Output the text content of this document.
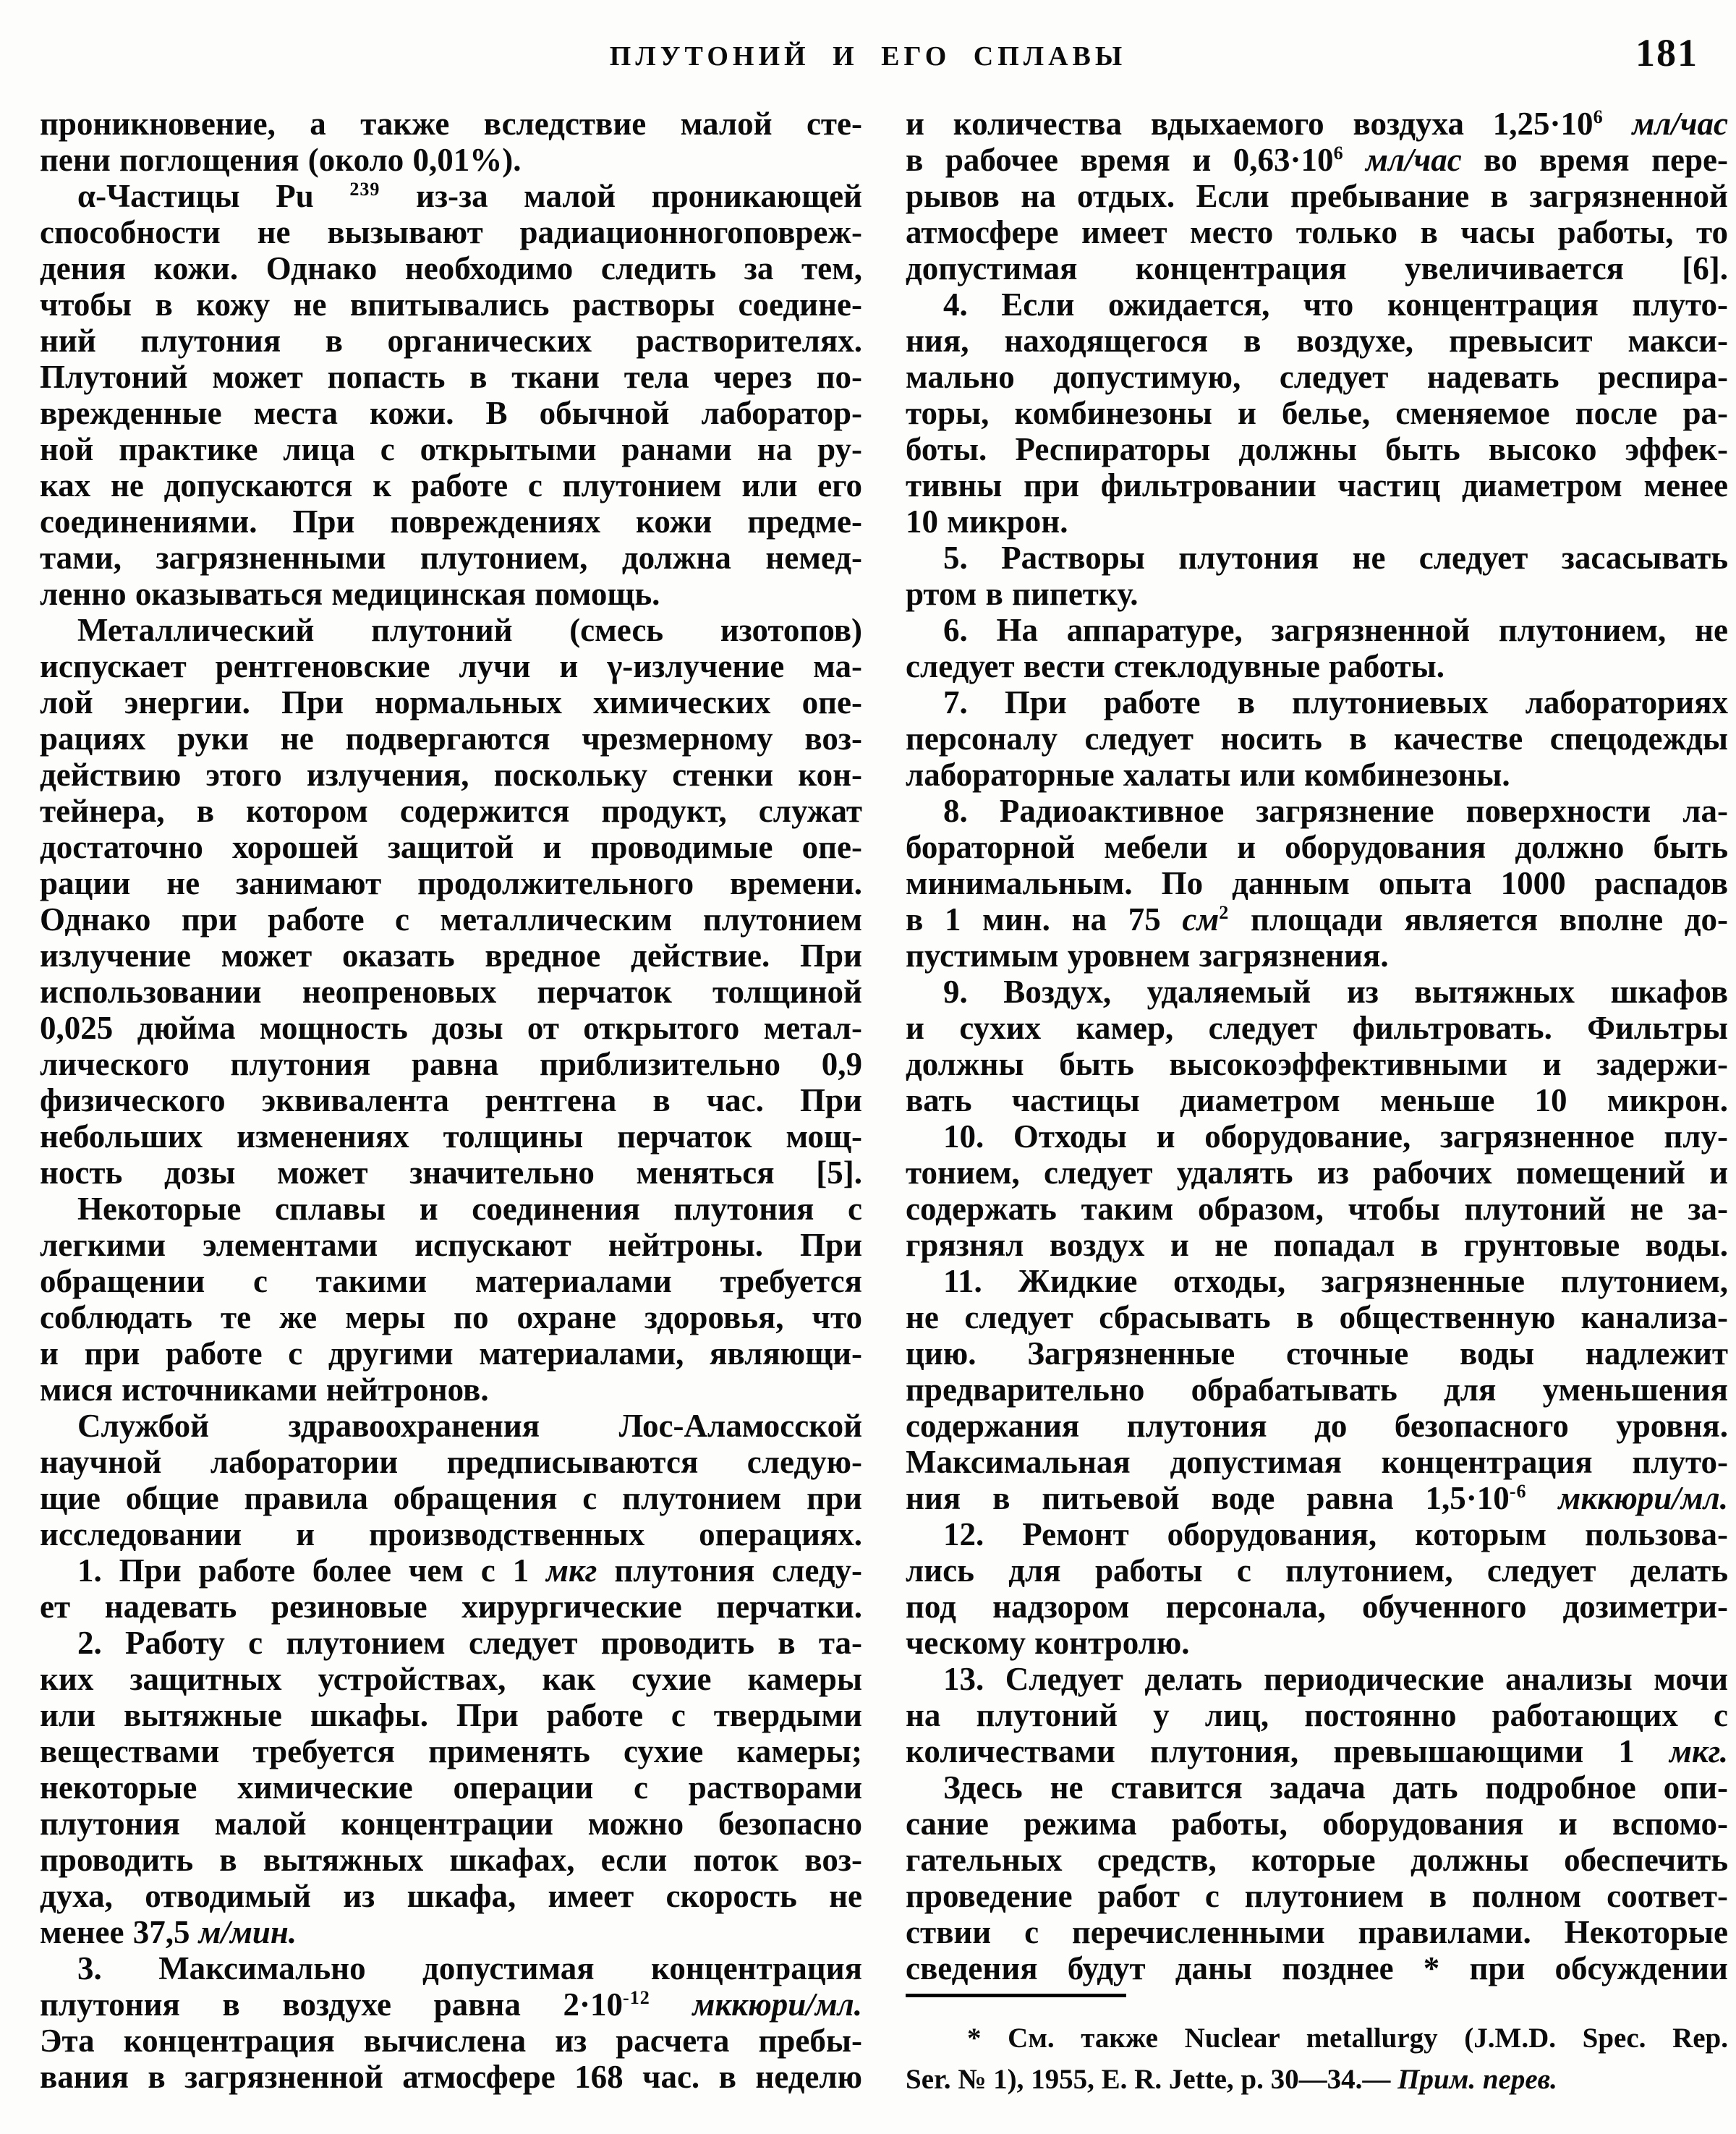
ПЛУТОНИЙ И ЕГО СПЛАВЫ	181
проникновение, а также вследствие малой сте-
пени поглощения (около 0,01%).
α-Частицы Pu $^{239}$ из-за малой проникающей
способности не вызывают радиационногоповреж-
дения кожи. Однако необходимо следить за тем,
чтобы в кожу не впитывались растворы соедине-
ний плутония в органических растворителях.
Плутоний может попасть в ткани тела через по-
врежденные места кожи. В обычной лаборатор-
ной практике лица с открытыми ранами на ру-
ках не допускаются к работе с плутонием или его
соединениями. При повреждениях кожи предме-
тами, загрязненными плутонием, должна немед-
ленно оказываться медицинская помощь.
Металлический плутоний (смесь изотопов)
испускает рентгеновские лучи и γ-излучение ма-
лой энергии. При нормальных химических опе-
рациях руки не подвергаются чрезмерному воз-
действию этого излучения, поскольку стенки кон-
тейнера, в котором содержится продукт, служат
достаточно хорошей защитой и проводимые опе-
рации не занимают продолжительного времени.
Однако при работе с металлическим плутонием
излучение может оказать вредное действие. При
использовании неопреновых перчаток толщиной
0,025 дюйма мощность дозы от открытого метал-
лического плутония равна приблизительно 0,9
физического эквивалента рентгена в час. При
небольших изменениях толщины перчаток мощ-
ность дозы может значительно меняться [5].
Некоторые сплавы и соединения плутония с
легкими элементами испускают нейтроны. При
обращении с такими материалами требуется
соблюдать те же меры по охране здоровья, что
и при работе с другими материалами, являющи-
мися источниками нейтронов.
Службой здравоохранения Лос-Аламосской
научной лаборатории предписываются следую-
щие общие правила обращения с плутонием при
исследовании и производственных операциях.
1. При работе более чем с 1 мкг плутония следу-
ет надевать резиновые хирургические перчатки.
2. Работу с плутонием следует проводить в та-
ких защитных устройствах, как сухие камеры
или вытяжные шкафы. При работе с твердыми
веществами требуется применять сухие камеры;
некоторые химические операции с растворами
плутония малой концентрации можно безопасно
проводить в вытяжных шкафах, если поток воз-
духа, отводимый из шкафа, имеет скорость не
менее 37,5 м/мин.
3. Максимально допустимая концентрация
плутония в воздухе равна $2\cdot 10^{-12}$ мккюри/мл.
Эта концентрация вычислена из расчета пребы-
вания в загрязненной атмосфере 168 час. в неделю
и количества вдыхаемого воздуха $1,25\cdot 10^6$ мл/час
в рабочее время и $0,63\cdot 10^6$ мл/час во время пере-
рывов на отдых. Если пребывание в загрязненной
атмосфере имеет место только в часы работы, то
допустимая концентрация увеличивается [6].
4. Если ожидается, что концентрация плуто-
ния, находящегося в воздухе, превысит макси-
мально допустимую, следует надевать респира-
торы, комбинезоны и белье, сменяемое после ра-
боты. Респираторы должны быть высоко эффек-
тивны при фильтровании частиц диаметром менее
10 микрон.
5. Растворы плутония не следует засасывать
ртом в пипетку.
6. На аппаратуре, загрязненной плутонием, не
следует вести стеклодувные работы.
7. При работе в плутониевых лабораториях
персоналу следует носить в качестве спецодежды
лабораторные халаты или комбинезоны.
8. Радиоактивное загрязнение поверхности ла-
бораторной мебели и оборудования должно быть
минимальным. По данным опыта 1000 распадов
в 1 мин. на 75 $см^2$ площади является вполне до-
пустимым уровнем загрязнения.
9. Воздух, удаляемый из вытяжных шкафов
и сухих камер, следует фильтровать. Фильтры
должны быть высокоэффективными и задержи-
вать частицы диаметром меньше 10 микрон.
10. Отходы и оборудование, загрязненное плу-
тонием, следует удалять из рабочих помещений и
содержать таким образом, чтобы плутоний не за-
грязнял воздух и не попадал в грунтовые воды.
11. Жидкие отходы, загрязненные плутонием,
не следует сбрасывать в общественную канализа-
цию. Загрязненные сточные воды надлежит
предварительно обрабатывать для уменьшения
содержания плутония до безопасного уровня.
Максимальная допустимая концентрация плуто-
ния в питьевой воде равна $1,5\cdot 10^{-6}$ мккюри/мл.
12. Ремонт оборудования, которым пользова-
лись для работы с плутонием, следует делать
под надзором персонала, обученного дозиметри-
ческому контролю.
13. Следует делать периодические анализы мочи
на плутоний у лиц, постоянно работающих с
количествами плутония, превышающими 1 мкг.
Здесь не ставится задача дать подробное опи-
сание режима работы, оборудования и вспомо-
гательных средств, которые должны обеспечить
проведение работ с плутонием в полном соответ-
ствии с перечисленными правилами. Некоторые
сведения будут даны позднее * при обсуждении
* См. также Nuclear metallurgy (J.M.D. Spec. Rep.
Ser. № 1), 1955, E. R. Jette, p. 30—34.— Прим. перев.
